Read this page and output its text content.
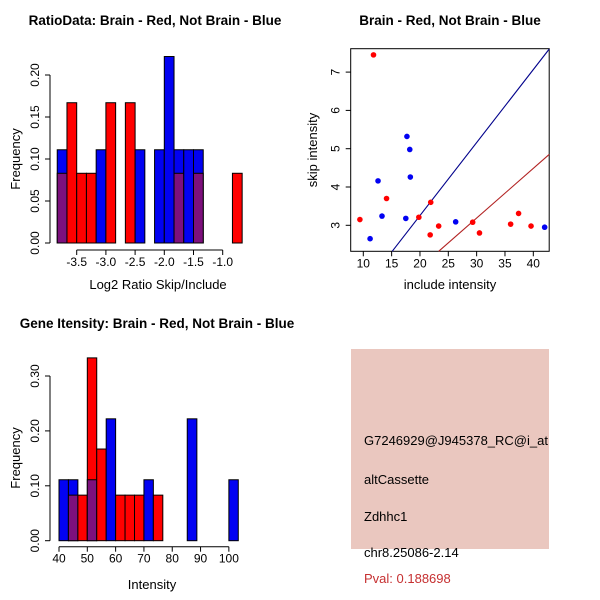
RatioData: Brain - Red, Not Brain - Blue
Frequency
Log2 Ratio Skip/Include
-3.5 -3.0 -2.5 -2.0 -1.5 -1.0
0.00
0.05
0.10
0.15
0.20
Brain - Red, Not Brain - Blue
skip intensity
include intensity
10 15 20 25 30 35 40
3
4
5
6
7
Gene Itensity: Brain - Red, Not Brain - Blue
Frequency
Intensity
40 50 60 70 80 90 100
0.00
0.10
0.20
0.30
G7246929@J945378_RC@i_at
altCassette
Zdhhc1
chr8.25086-2.14
Pval: 0.188698
